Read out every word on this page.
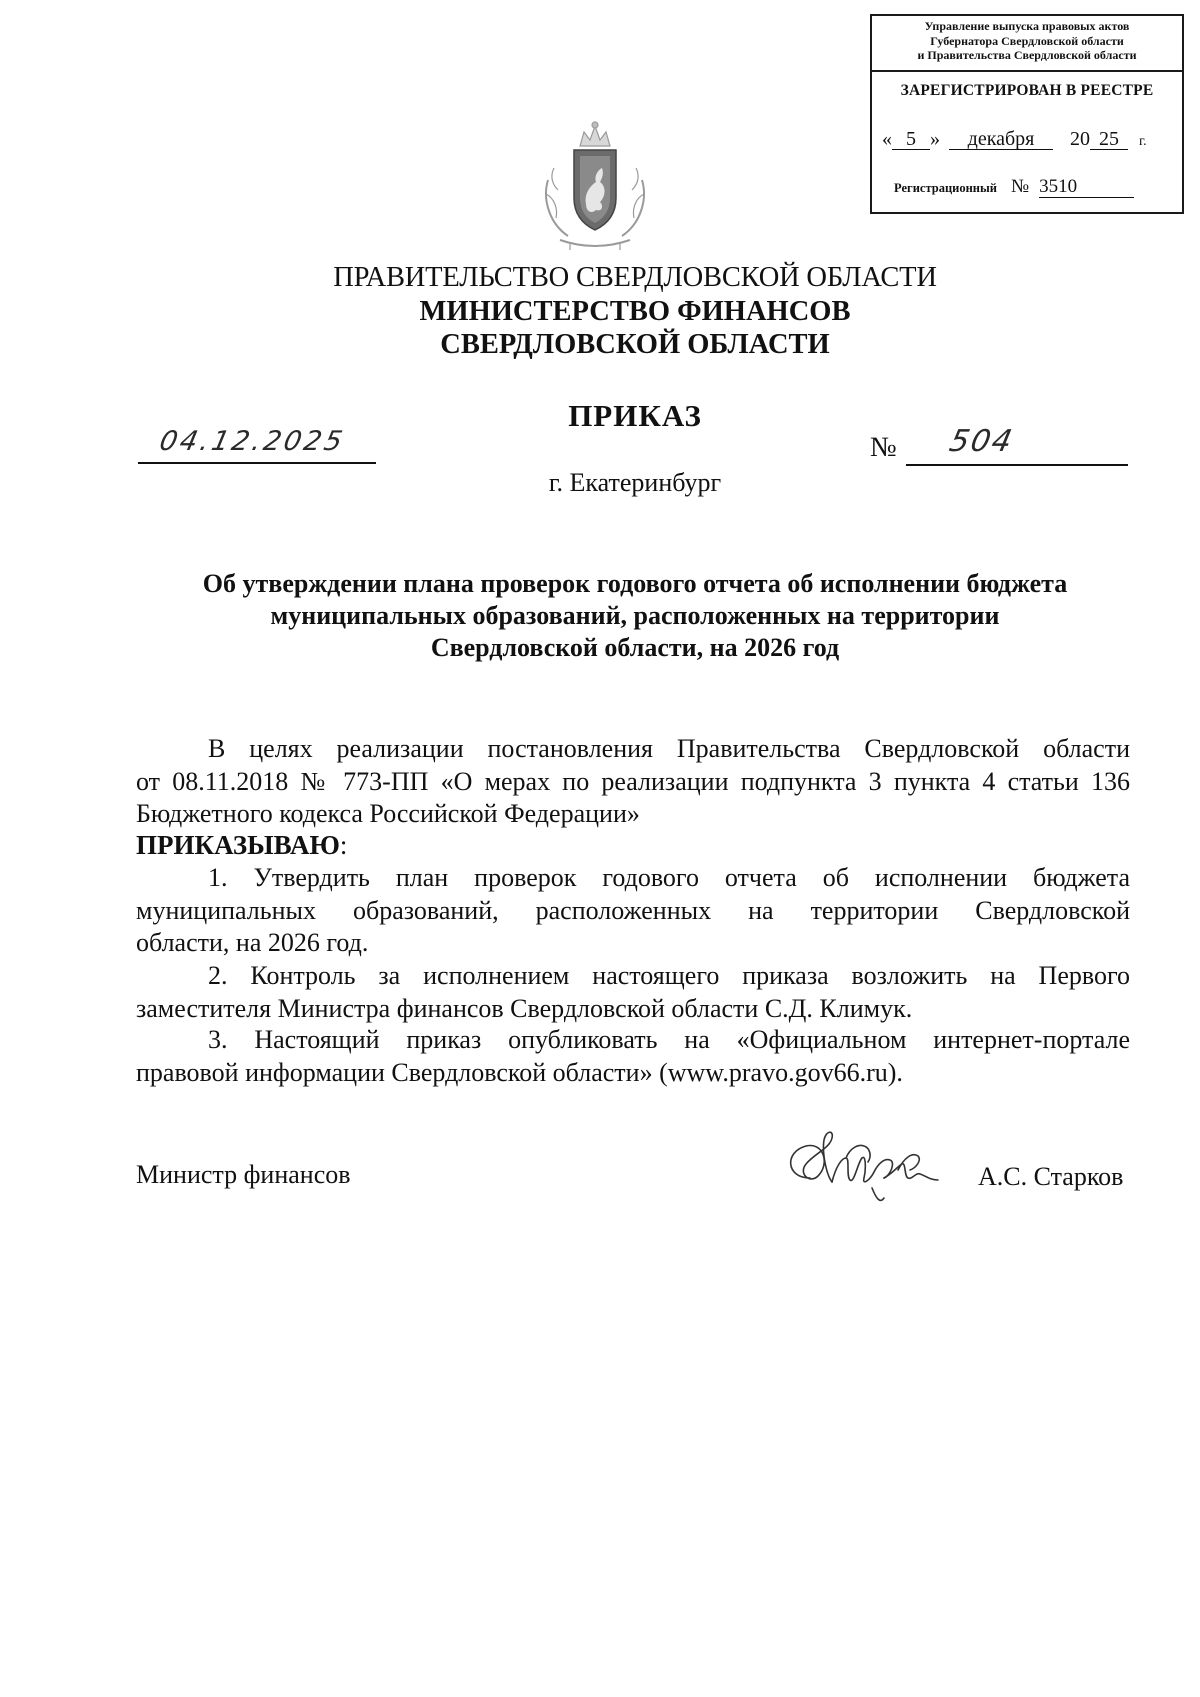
Управление выпуска правовых актов
Губернатора Свердловской области
и Правительства Свердловской области
ЗАРЕГИСТРИРОВАН В РЕЕСТРЕ
« 5 » декабря 20 25 г.
Регистрационный № 3510
ПРАВИТЕЛЬСТВО СВЕРДЛОВСКОЙ ОБЛАСТИ
МИНИСТЕРСТВО ФИНАНСОВ
СВЕРДЛОВСКОЙ ОБЛАСТИ
ПРИКАЗ
04.12.2025	№ 504
г. Екатеринбург
Об утверждении плана проверок годового отчета об исполнении бюджета
муниципальных образований, расположенных на территории
Свердловской области, на 2026 год
В целях реализации постановления Правительства Свердловской области
от 08.11.2018 № 773-ПП «О мерах по реализации подпункта 3 пункта 4 статьи 136
Бюджетного кодекса Российской Федерации»
ПРИКАЗЫВАЮ:
1. Утвердить план проверок годового отчета об исполнении бюджета
муниципальных образований, расположенных на территории Свердловской
области, на 2026 год.
2. Контроль за исполнением настоящего приказа возложить на Первого
заместителя Министра финансов Свердловской области С.Д. Климук.
3. Настоящий приказ опубликовать на «Официальном интернет-портале
правовой информации Свердловской области» (www.pravo.gov66.ru).
Министр финансов	А.С. Старков
